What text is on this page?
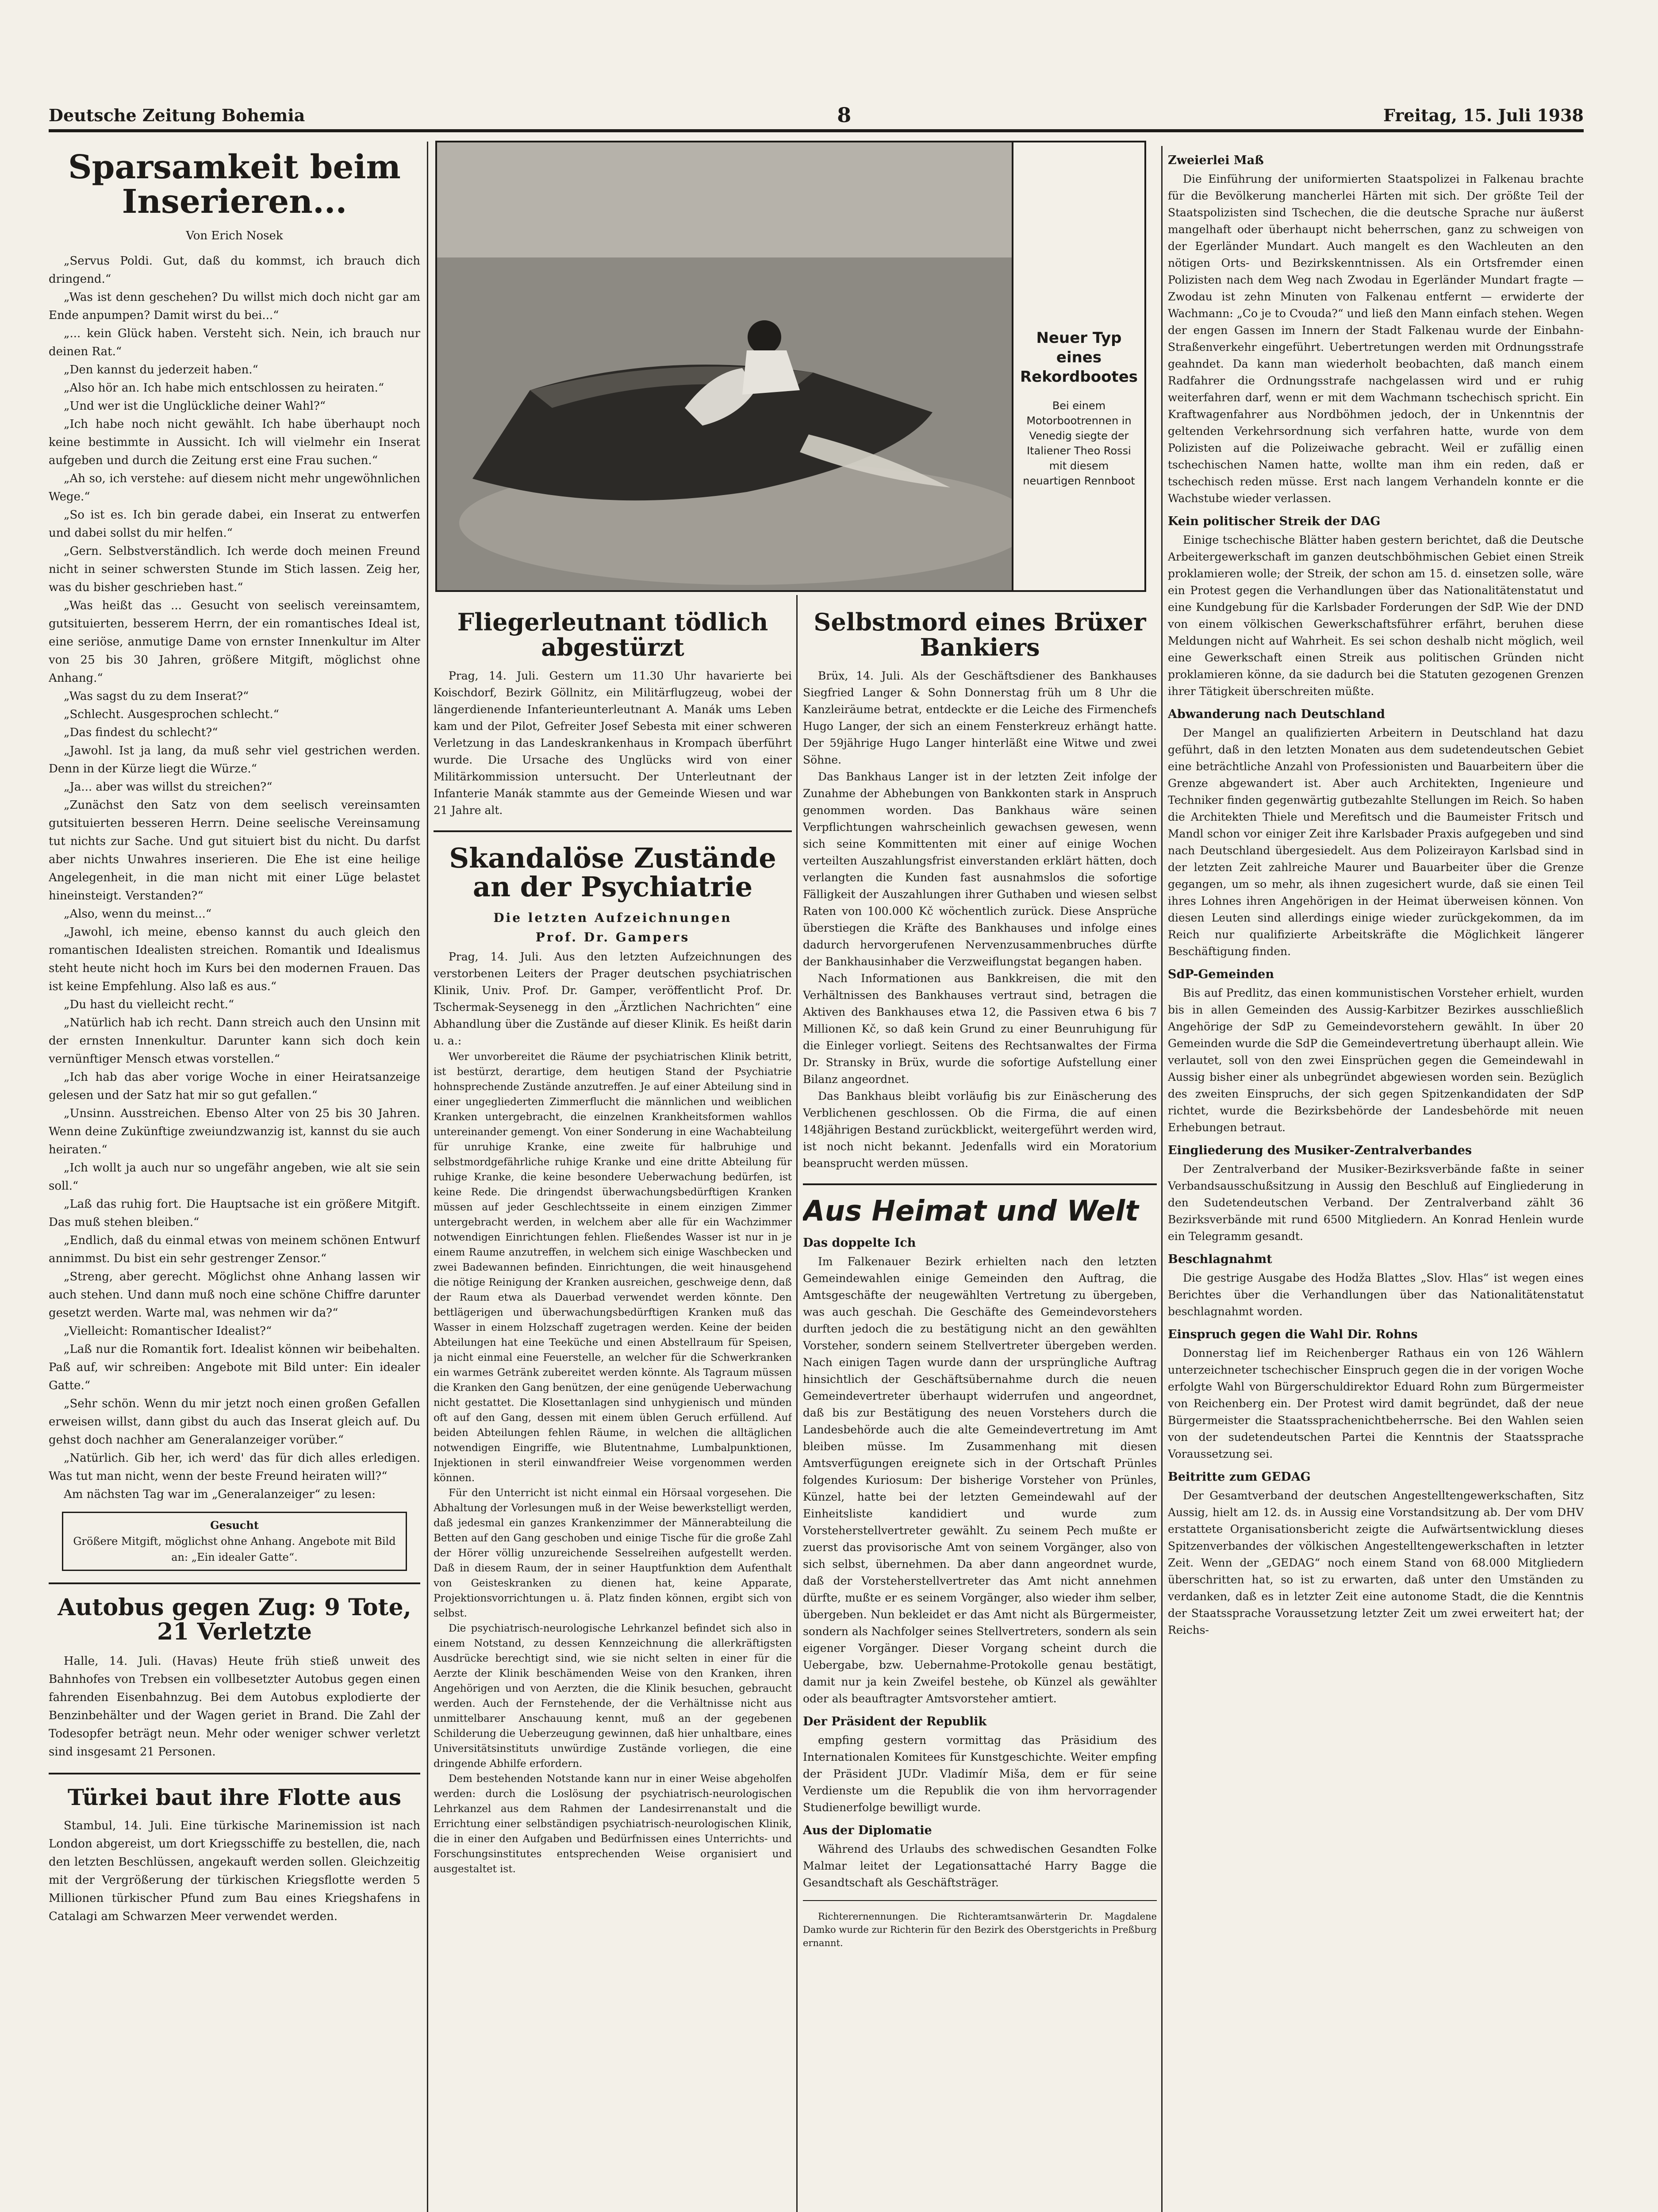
Deutsche Zeitung Bohemia	8	Freitag, 15. Juli 1938
Sparsamkeit beim Inserieren...
Von Erich Nosek

„Servus Poldi. Gut, daß du kommst, ich brauch dich dringend.“

„Was ist denn geschehen? Du willst mich doch nicht gar am Ende anpumpen? Damit wirst du bei...“

„... kein Glück haben. Versteht sich. Nein, ich brauch nur deinen Rat.“

„Den kannst du jederzeit haben.“

„Also hör an. Ich habe mich entschlossen zu heiraten.“

„Und wer ist die Unglückliche deiner Wahl?“

„Ich habe noch nicht gewählt. Ich habe überhaupt noch keine bestimmte in Aussicht. Ich will vielmehr ein Inserat aufgeben und durch die Zeitung erst eine Frau suchen.“

„Ah so, ich verstehe: auf diesem nicht mehr ungewöhnlichen Wege.“

„So ist es. Ich bin gerade dabei, ein Inserat zu entwerfen und dabei sollst du mir helfen.“

„Gern. Selbstverständlich. Ich werde doch meinen Freund nicht in seiner schwersten Stunde im Stich lassen. Zeig her, was du bisher geschrieben hast.“

„Was heißt das ... Gesucht von seelisch vereinsamtem, gutsituierten, besserem Herrn, der ein romantisches Ideal ist, eine seriöse, anmutige Dame von ernster Innenkultur im Alter von 25 bis 30 Jahren, größere Mitgift, möglichst ohne Anhang.“

„Was sagst du zu dem Inserat?“

„Schlecht. Ausgesprochen schlecht.“

„Das findest du schlecht?“

„Jawohl. Ist ja lang, da muß sehr viel gestrichen werden. Denn in der Kürze liegt die Würze.“

„Ja... aber was willst du streichen?“

„Zunächst den Satz von dem seelisch vereinsamten gutsituierten besseren Herrn. Deine seelische Vereinsamung tut nichts zur Sache. Und gut situiert bist du nicht. Du darfst aber nichts Unwahres inserieren. Die Ehe ist eine heilige Angelegenheit, in die man nicht mit einer Lüge belastet hineinsteigt. Verstanden?“

„Also, wenn du meinst...“

„Jawohl, ich meine, ebenso kannst du auch gleich den romantischen Idealisten streichen. Romantik und Idealismus steht heute nicht hoch im Kurs bei den modernen Frauen. Das ist keine Empfehlung. Also laß es aus.“

„Du hast du vielleicht recht.“

„Natürlich hab ich recht. Dann streich auch den Unsinn mit der ernsten Innenkultur. Darunter kann sich doch kein vernünftiger Mensch etwas vorstellen.“

„Ich hab das aber vorige Woche in einer Heiratsanzeige gelesen und der Satz hat mir so gut gefallen.“

„Unsinn. Ausstreichen. Ebenso Alter von 25 bis 30 Jahren. Wenn deine Zukünftige zweiundzwanzig ist, kannst du sie auch heiraten.“

„Ich wollt ja auch nur so ungefähr angeben, wie alt sie sein soll.“

„Laß das ruhig fort. Die Hauptsache ist ein größere Mitgift. Das muß stehen bleiben.“

„Endlich, daß du einmal etwas von meinem schönen Entwurf annimmst. Du bist ein sehr gestrenger Zensor.“

„Streng, aber gerecht. Möglichst ohne Anhang lassen wir auch stehen. Und dann muß noch eine schöne Chiffre darunter gesetzt werden. Warte mal, was nehmen wir da?“

„Vielleicht: Romantischer Idealist?“

„Laß nur die Romantik fort. Idealist können wir beibehalten. Paß auf, wir schreiben: Angebote mit Bild unter: Ein idealer Gatte.“

„Sehr schön. Wenn du mir jetzt noch einen großen Gefallen erweisen willst, dann gibst du auch das Inserat gleich auf. Du gehst doch nachher am Generalanzeiger vorüber.“

„Natürlich. Gib her, ich werd' das für dich alles erledigen. Was tut man nicht, wenn der beste Freund heiraten will?“

Am nächsten Tag war im „Generalanzeiger“ zu lesen:

Gesucht
Größere Mitgift, möglichst ohne Anhang. Angebote mit Bild an: „Ein idealer Gatte“.
Autobus gegen Zug: 9 Tote, 21 Verletzte

Halle, 14. Juli. (Havas) Heute früh stieß unweit des Bahnhofes von Trebsen ein vollbesetzter Autobus gegen einen fahrenden Eisenbahnzug. Bei dem Autobus explodierte der Benzinbehälter und der Wagen geriet in Brand. Die Zahl der Todesopfer beträgt neun. Mehr oder weniger schwer verletzt sind insgesamt 21 Personen.

Türkei baut ihre Flotte aus

Stambul, 14. Juli. Eine türkische Marinemission ist nach London abgereist, um dort Kriegsschiffe zu bestellen, die, nach den letzten Beschlüssen, angekauft werden sollen. Gleichzeitig mit der Vergrößerung der türkischen Kriegsflotte werden 5 Millionen türkischer Pfund zum Bau eines Kriegshafens in Catalagi am Schwarzen Meer verwendet werden.

Neuer Typ eines Rekordbootes
Bei einem Motorbootrennen in Venedig siegte der Italiener Theo Rossi mit diesem neuartigen Rennboot
Fliegerleutnant tödlich abgestürzt

Prag, 14. Juli. Gestern um 11.30 Uhr havarierte bei Koischdorf, Bezirk Göllnitz, ein Militärflugzeug, wobei der längerdienende Infanterieunterleutnant A. Manák ums Leben kam und der Pilot, Gefreiter Josef Sebesta mit einer schweren Verletzung in das Landeskrankenhaus in Krompach überführt wurde. Die Ursache des Unglücks wird von einer Militärkommission untersucht. Der Unterleutnant der Infanterie Manák stammte aus der Gemeinde Wiesen und war 21 Jahre alt.

Skandalöse Zustände an der Psychiatrie
Die letzten Aufzeichnungen
Prof. Dr. Gampers

Prag, 14. Juli. Aus den letzten Aufzeichnungen des verstorbenen Leiters der Prager deutschen psychiatrischen Klinik, Univ. Prof. Dr. Gamper, veröffentlicht Prof. Dr. Tschermak-Seysenegg in den „Ärztlichen Nachrichten“ eine Abhandlung über die Zustände auf dieser Klinik. Es heißt darin u. a.:

Wer unvorbereitet die Räume der psychiatrischen Klinik betritt, ist bestürzt, derartige, dem heutigen Stand der Psychiatrie hohnsprechende Zustände anzutreffen. Je auf einer Abteilung sind in einer ungegliederten Zimmerflucht die männlichen und weiblichen Kranken untergebracht, die einzelnen Krankheitsformen wahllos untereinander gemengt. Von einer Sonderung in eine Wachabteilung für unruhige Kranke, eine zweite für halbruhige und selbstmordgefährliche ruhige Kranke und eine dritte Abteilung für ruhige Kranke, die keine besondere Ueberwachung bedürfen, ist keine Rede. Die dringendst überwachungsbedürftigen Kranken müssen auf jeder Geschlechtsseite in einem einzigen Zimmer untergebracht werden, in welchem aber alle für ein Wachzimmer notwendigen Einrichtungen fehlen. Fließendes Wasser ist nur in je einem Raume anzutreffen, in welchem sich einige Waschbecken und zwei Badewannen befinden. Einrichtungen, die weit hinausgehend die nötige Reinigung der Kranken ausreichen, geschweige denn, daß der Raum etwa als Dauerbad verwendet werden könnte. Den bettlägerigen und überwachungsbedürftigen Kranken muß das Wasser in einem Holzschaff zugetragen werden. Keine der beiden Abteilungen hat eine Teeküche und einen Abstellraum für Speisen, ja nicht einmal eine Feuerstelle, an welcher für die Schwerkranken ein warmes Getränk zubereitet werden könnte. Als Tagraum müssen die Kranken den Gang benützen, der eine genügende Ueberwachung nicht gestattet. Die Klosettanlagen sind unhygienisch und münden oft auf den Gang, dessen mit einem üblen Geruch erfüllend. Auf beiden Abteilungen fehlen Räume, in welchen die alltäglichen notwendigen Eingriffe, wie Blutentnahme, Lumbalpunktionen, Injektionen in steril einwandfreier Weise vorgenommen werden können.

Für den Unterricht ist nicht einmal ein Hörsaal vorgesehen. Die Abhaltung der Vorlesungen muß in der Weise bewerkstelligt werden, daß jedesmal ein ganzes Krankenzimmer der Männerabteilung die Betten auf den Gang geschoben und einige Tische für die große Zahl der Hörer völlig unzureichende Sesselreihen aufgestellt werden. Daß in diesem Raum, der in seiner Hauptfunktion dem Aufenthalt von Geisteskranken zu dienen hat, keine Apparate, Projektionsvorrichtungen u. ä. Platz finden können, ergibt sich von selbst.

Die psychiatrisch-neurologische Lehrkanzel befindet sich also in einem Notstand, zu dessen Kennzeichnung die allerkräftigsten Ausdrücke berechtigt sind, wie sie nicht selten in einer für die Aerzte der Klinik beschämenden Weise von den Kranken, ihren Angehörigen und von Aerzten, die die Klinik besuchen, gebraucht werden. Auch der Fernstehende, der die Verhältnisse nicht aus unmittelbarer Anschauung kennt, muß an der gegebenen Schilderung die Ueberzeugung gewinnen, daß hier unhaltbare, eines Universitätsinstituts unwürdige Zustände vorliegen, die eine dringende Abhilfe erfordern.

Dem bestehenden Notstande kann nur in einer Weise abgeholfen werden: durch die Loslösung der psychiatrisch-neurologischen Lehrkanzel aus dem Rahmen der Landesirrenanstalt und die Errichtung einer selbständigen psychiatrisch-neurologischen Klinik, die in einer den Aufgaben und Bedürfnissen eines Unterrichts- und Forschungsinstitutes entsprechenden Weise organisiert und ausgestaltet ist.

Selbstmord eines Brüxer Bankiers

Brüx, 14. Juli. Als der Geschäftsdiener des Bankhauses Siegfried Langer & Sohn Donnerstag früh um 8 Uhr die Kanzleiräume betrat, entdeckte er die Leiche des Firmenchefs Hugo Langer, der sich an einem Fensterkreuz erhängt hatte. Der 59jährige Hugo Langer hinterläßt eine Witwe und zwei Söhne.

Das Bankhaus Langer ist in der letzten Zeit infolge der Zunahme der Abhebungen von Bankkonten stark in Anspruch genommen worden. Das Bankhaus wäre seinen Verpflichtungen wahrscheinlich gewachsen gewesen, wenn sich seine Kommittenten mit einer auf einige Wochen verteilten Auszahlungsfrist einverstanden erklärt hätten, doch verlangten die Kunden fast ausnahmslos die sofortige Fälligkeit der Auszahlungen ihrer Guthaben und wiesen selbst Raten von 100.000 Kč wöchentlich zurück. Diese Ansprüche überstiegen die Kräfte des Bankhauses und infolge eines dadurch hervorgerufenen Nervenzusammenbruches dürfte der Bankhausinhaber die Verzweiflungstat begangen haben.

Nach Informationen aus Bankkreisen, die mit den Verhältnissen des Bankhauses vertraut sind, betragen die Aktiven des Bankhauses etwa 12, die Passiven etwa 6 bis 7 Millionen Kč, so daß kein Grund zu einer Beunruhigung für die Einleger vorliegt. Seitens des Rechtsanwaltes der Firma Dr. Stransky in Brüx, wurde die sofortige Aufstellung einer Bilanz angeordnet.

Das Bankhaus bleibt vorläufig bis zur Einäscherung des Verblichenen geschlossen. Ob die Firma, die auf einen 148jährigen Bestand zurückblickt, weitergeführt werden wird, ist noch nicht bekannt. Jedenfalls wird ein Moratorium beansprucht werden müssen.

Aus Heimat und Welt
Das doppelte Ich

Im Falkenauer Bezirk erhielten nach den letzten Gemeindewahlen einige Gemeinden den Auftrag, die Amtsgeschäfte der neugewählten Vertretung zu übergeben, was auch geschah. Die Geschäfte des Gemeindevorstehers durften jedoch die zu bestätigung nicht an den gewählten Vorsteher, sondern seinem Stellvertreter übergeben werden. Nach einigen Tagen wurde dann der ursprüngliche Auftrag hinsichtlich der Geschäftsübernahme durch die neuen Gemeindevertreter überhaupt widerrufen und angeordnet, daß bis zur Bestätigung des neuen Vorstehers durch die Landesbehörde auch die alte Gemeindevertretung im Amt bleiben müsse. Im Zusammenhang mit diesen Amtsverfügungen ereignete sich in der Ortschaft Prünles folgendes Kuriosum: Der bisherige Vorsteher von Prünles, Künzel, hatte bei der letzten Gemeindewahl auf der Einheitsliste kandidiert und wurde zum Vorsteherstellvertreter gewählt. Zu seinem Pech mußte er zuerst das provisorische Amt von seinem Vorgänger, also von sich selbst, übernehmen. Da aber dann angeordnet wurde, daß der Vorsteherstellvertreter das Amt nicht annehmen dürfte, mußte er es seinem Vorgänger, also wieder ihm selber, übergeben. Nun bekleidet er das Amt nicht als Bürgermeister, sondern als Nachfolger seines Stellvertreters, sondern als sein eigener Vorgänger. Dieser Vorgang scheint durch die Uebergabe, bzw. Uebernahme-Protokolle genau bestätigt, damit nur ja kein Zweifel bestehe, ob Künzel als gewählter oder als beauftragter Amtsvorsteher amtiert.

Der Präsident der Republik

empfing gestern vormittag das Präsidium des Internationalen Komitees für Kunstgeschichte. Weiter empfing der Präsident JUDr. Vladimír Miša, dem er für seine Verdienste um die Republik die von ihm hervorragender Studienerfolge bewilligt wurde.

Aus der Diplomatie

Während des Urlaubs des schwedischen Gesandten Folke Malmar leitet der Legationsattaché Harry Bagge die Gesandtschaft als Geschäftsträger.

Richterernennungen. Die Richteramtsanwärterin Dr. Magdalene Damko wurde zur Richterin für den Bezirk des Oberstgerichts in Preßburg ernannt.

Zweierlei Maß

Die Einführung der uniformierten Staatspolizei in Falkenau brachte für die Bevölkerung mancherlei Härten mit sich. Der größte Teil der Staatspolizisten sind Tschechen, die die deutsche Sprache nur äußerst mangelhaft oder überhaupt nicht beherrschen, ganz zu schweigen von der Egerländer Mundart. Auch mangelt es den Wachleuten an den nötigen Orts- und Bezirkskenntnissen. Als ein Ortsfremder einen Polizisten nach dem Weg nach Zwodau in Egerländer Mundart fragte — Zwodau ist zehn Minuten von Falkenau entfernt — erwiderte der Wachmann: „Co je to Cvouda?“ und ließ den Mann einfach stehen. Wegen der engen Gassen im Innern der Stadt Falkenau wurde der Einbahn-Straßenverkehr eingeführt. Uebertretungen werden mit Ordnungsstrafe geahndet. Da kann man wiederholt beobachten, daß manch einem Radfahrer die Ordnungsstrafe nachgelassen wird und er ruhig weiterfahren darf, wenn er mit dem Wachmann tschechisch spricht. Ein Kraftwagenfahrer aus Nordböhmen jedoch, der in Unkenntnis der geltenden Verkehrsordnung sich verfahren hatte, wurde von dem Polizisten auf die Polizeiwache gebracht. Weil er zufällig einen tschechischen Namen hatte, wollte man ihm ein reden, daß er tschechisch reden müsse. Erst nach langem Verhandeln konnte er die Wachstube wieder verlassen.

Kein politischer Streik der DAG

Einige tschechische Blätter haben gestern berichtet, daß die Deutsche Arbeitergewerkschaft im ganzen deutschböhmischen Gebiet einen Streik proklamieren wolle; der Streik, der schon am 15. d. einsetzen solle, wäre ein Protest gegen die Verhandlungen über das Nationalitätenstatut und eine Kundgebung für die Karlsbader Forderungen der SdP. Wie der DND von einem völkischen Gewerkschaftsführer erfährt, beruhen diese Meldungen nicht auf Wahrheit. Es sei schon deshalb nicht möglich, weil eine Gewerkschaft einen Streik aus politischen Gründen nicht proklamieren könne, da sie dadurch bei die Statuten gezogenen Grenzen ihrer Tätigkeit überschreiten müßte.

Abwanderung nach Deutschland

Der Mangel an qualifizierten Arbeitern in Deutschland hat dazu geführt, daß in den letzten Monaten aus dem sudetendeutschen Gebiet eine beträchtliche Anzahl von Professionisten und Bauarbeitern über die Grenze abgewandert ist. Aber auch Architekten, Ingenieure und Techniker finden gegenwärtig gutbezahlte Stellungen im Reich. So haben die Architekten Thiele und Merefitsch und die Baumeister Fritsch und Mandl schon vor einiger Zeit ihre Karlsbader Praxis aufgegeben und sind nach Deutschland übergesiedelt. Aus dem Polizeirayon Karlsbad sind in der letzten Zeit zahlreiche Maurer und Bauarbeiter über die Grenze gegangen, um so mehr, als ihnen zugesichert wurde, daß sie einen Teil ihres Lohnes ihren Angehörigen in der Heimat überweisen können. Von diesen Leuten sind allerdings einige wieder zurückgekommen, da im Reich nur qualifizierte Arbeitskräfte die Möglichkeit längerer Beschäftigung finden.

SdP-Gemeinden

Bis auf Predlitz, das einen kommunistischen Vorsteher erhielt, wurden bis in allen Gemeinden des Aussig-Karbitzer Bezirkes ausschließlich Angehörige der SdP zu Gemeindevorstehern gewählt. In über 20 Gemeinden wurde die SdP die Gemeindevertretung überhaupt allein. Wie verlautet, soll von den zwei Einsprüchen gegen die Gemeindewahl in Aussig bisher einer als unbegründet abgewiesen worden sein. Bezüglich des zweiten Einspruchs, der sich gegen Spitzenkandidaten der SdP richtet, wurde die Bezirksbehörde der Landesbehörde mit neuen Erhebungen betraut.

Eingliederung des Musiker-Zentralverbandes

Der Zentralverband der Musiker-Bezirksverbände faßte in seiner Verbandsausschußsitzung in Aussig den Beschluß auf Eingliederung in den Sudetendeutschen Verband. Der Zentralverband zählt 36 Bezirksverbände mit rund 6500 Mitgliedern. An Konrad Henlein wurde ein Telegramm gesandt.

Beschlagnahmt

Die gestrige Ausgabe des Hodža Blattes „Slov. Hlas“ ist wegen eines Berichtes über die Verhandlungen über das Nationalitätenstatut beschlagnahmt worden.

Einspruch gegen die Wahl Dir. Rohns

Donnerstag lief im Reichenberger Rathaus ein von 126 Wählern unterzeichneter tschechischer Einspruch gegen die in der vorigen Woche erfolgte Wahl von Bürgerschuldirektor Eduard Rohn zum Bürgermeister von Reichenberg ein. Der Protest wird damit begründet, daß der neue Bürgermeister die Staatssprachenichtbeherrsche. Bei den Wahlen seien von der sudetendeutschen Partei die Kenntnis der Staatssprache Voraussetzung sei.

Beitritte zum GEDAG

Der Gesamtverband der deutschen Angestelltengewerkschaften, Sitz Aussig, hielt am 12. ds. in Aussig eine Vorstandsitzung ab. Der vom DHV erstattete Organisationsbericht zeigte die Aufwärtsentwicklung dieses Spitzenverbandes der völkischen Angestelltengewerkschaften in letzter Zeit. Wenn der „GEDAG“ noch einem Stand von 68.000 Mitgliedern überschritten hat, so ist zu erwarten, daß unter den Umständen zu verdanken, daß es in letzter Zeit eine autonome Stadt, die die Kenntnis der Staatssprache Voraussetzung letzter Zeit um zwei erweitert hat; der Reichs-
